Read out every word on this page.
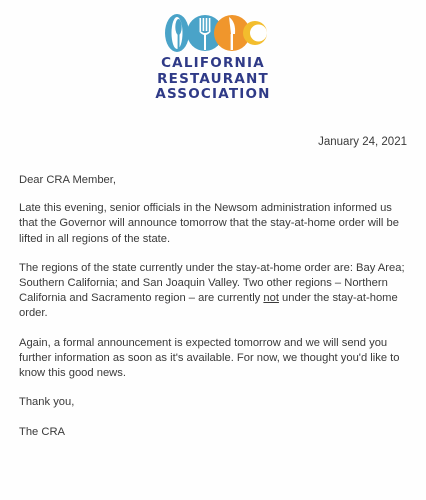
CALIFORNIA
RESTAURANT
ASSOCIATION
January 24, 2021

Dear CRA Member,

Late this evening, senior officials in the Newsom administration informed us that the Governor will announce tomorrow that the stay-at-home order will be lifted in all regions of the state.

The regions of the state currently under the stay-at-home order are: Bay Area; Southern California; and San Joaquin Valley. Two other regions – Northern California and Sacramento region – are currently not under the stay-at-home order.

Again, a formal announcement is expected tomorrow and we will send you further information as soon as it's available. For now, we thought you'd like to know this good news.

Thank you,

The CRA
